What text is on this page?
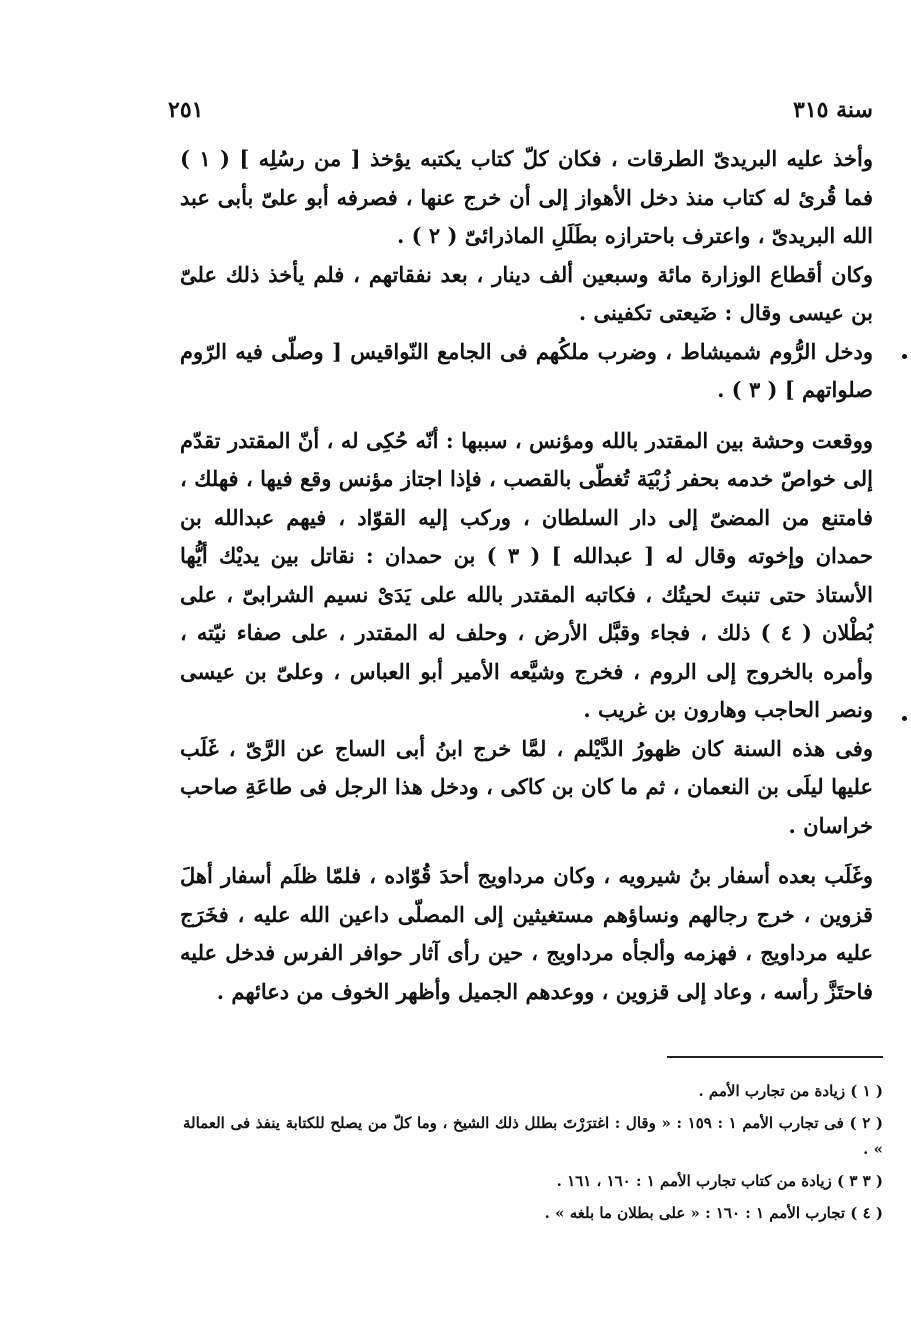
سنة ٣١٥
٢٥١

وأخذ عليه البريدىّ الطرقات ، فكان كلّ كتاب يكتبه يؤخذ [ من رسُلِه ] ( ١ ) فما قُرئ له كتاب منذ دخل الأهواز إلى أن خرج عنها ، فصرفه أبو علىّ بأبى عبد الله البريدىّ ، واعترف باحترازه بطَلَلِ الماذرائىّ ( ٢ ) .

وكان أقطاع الوزارة مائة وسبعين ألف دينار ، بعد نفقاتهم ، فلم يأخذ ذلك علىّ بن عيسى وقال : ضَيعتى تكفينى .

ودخل الرُّوم شميشاط ، وضرب ملكُهم فى الجامع النّواقيس [ وصلّى فيه الرّوم صلواتهم ] ( ٣ ) .

ووقعت وحشة بين المقتدر بالله ومؤنس ، سببها : أنّه حُكِى له ، أنّ المقتدر تقدّم إلى خواصّ خدمه بحفر زُبْيَة تُغطّى بالقصب ، فإذا اجتاز مؤنس وقع فيها ، فهلك ، فامتنع من المضىّ إلى دار السلطان ، وركب إليه القوّاد ، فيهم عبدالله بن حمدان وإخوته وقال له [ عبدالله ] ( ٣ ) بن حمدان : نقاتل بين يديْك أيُّها الأستاذ حتى تنبتَ لحيتُك ، فكاتبه المقتدر بالله على يَدَىْ نسيم الشرابىّ ، على بُطْلان ( ٤ ) ذلك ، فجاء وقبَّل الأرض ، وحلف له المقتدر ، على صفاء نيّته ، وأمره بالخروج إلى الروم ، فخرج وشيَّعه الأمير أبو العباس ، وعلىّ بن عيسى ونصر الحاجب وهارون بن غريب .

وفى هذه السنة كان ظهورُ الدَّيْلم ، لمَّا خرج ابنُ أبى الساج عن الرَّىّ ، غَلَب عليها ليلَى بن النعمان ، ثم ما كان بن كاكى ، ودخل هذا الرجل فى طاعَةِ صاحب خراسان .

وغَلَب بعده أسفار بنُ شيرويه ، وكان مرداويج أحدَ قُوّاده ، فلمّا ظلَم أسفار أهلَ قزوين ، خرج رجالهم ونساؤهم مستغيثين إلى المصلّى داعين الله عليه ، فخَرَج عليه مرداويج ، فهزمه وألجأه مرداويج ، حين رأى آثار حوافر الفرس فدخل عليه فاحتَزَّ رأسه ، وعاد إلى قزوين ، ووعدهم الجميل وأظهر الخوف من دعائهم .

( ١ ) زيادة من تجارب الأمم .

( ٢ ) فى تجارب الأمم ١ : ١٥٩ : « وقال : اغترَرْتَ بطلل ذلك الشيخ ، وما كلّ من يصلح للكتابة ينفذ فى العمالة » .

( ٣ ٣ ) زيادة من كتاب تجارب الأمم ١ : ١٦٠ ، ١٦١ .

( ٤ ) تجارب الأمم ١ : ١٦٠ : « على بطلان ما بلغه » .
